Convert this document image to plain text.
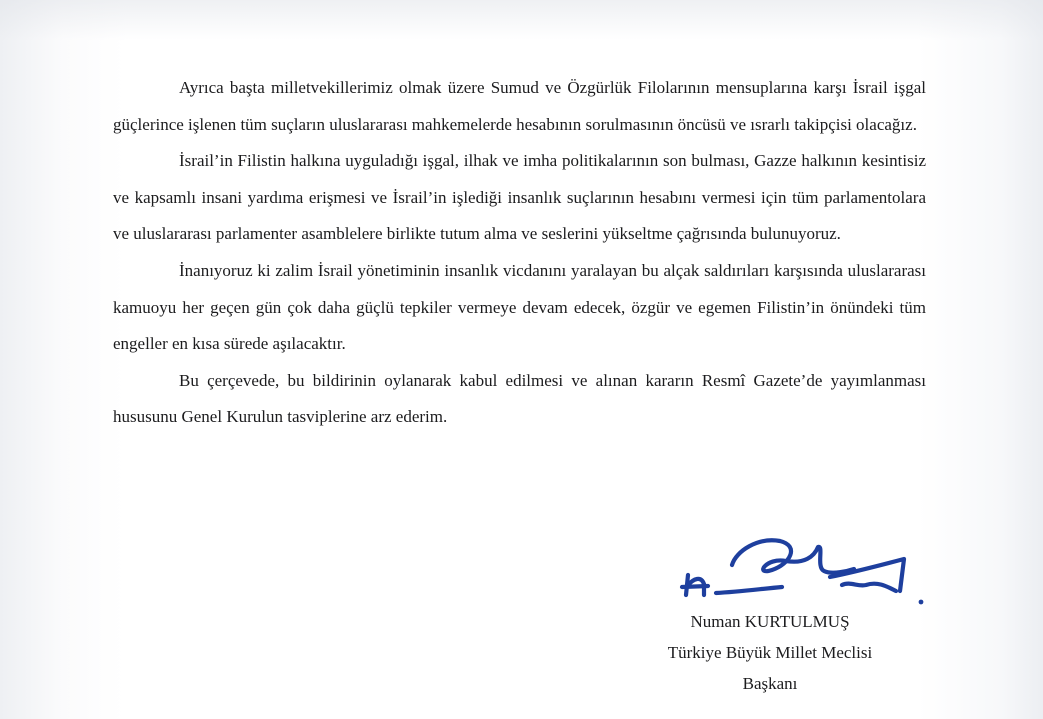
Ayrıca başta milletvekillerimiz olmak üzere Sumud ve Özgürlük Filolarının mensuplarına karşı İsrail işgal güçlerince işlenen tüm suçların uluslararası mahkemelerde hesabının sorulmasının öncüsü ve ısrarlı takipçisi olacağız.

İsrail’in Filistin halkına uyguladığı işgal, ilhak ve imha politikalarının son bulması, Gazze halkının kesintisiz ve kapsamlı insani yardıma erişmesi ve İsrail’in işlediği insanlık suçlarının hesabını vermesi için tüm parlamentolara ve uluslararası parlamenter asamblelere birlikte tutum alma ve seslerini yükseltme çağrısında bulunuyoruz.

İnanıyoruz ki zalim İsrail yönetiminin insanlık vicdanını yaralayan bu alçak saldırıları karşısında uluslararası kamuoyu her geçen gün çok daha güçlü tepkiler vermeye devam edecek, özgür ve egemen Filistin’in önündeki tüm engeller en kısa sürede aşılacaktır.

Bu çerçevede, bu bildirinin oylanarak kabul edilmesi ve alınan kararın Resmî Gazete’de yayımlanması hususunu Genel Kurulun tasviplerine arz ederim.

Numan KURTULMUŞ
Türkiye Büyük Millet Meclisi
Başkanı
